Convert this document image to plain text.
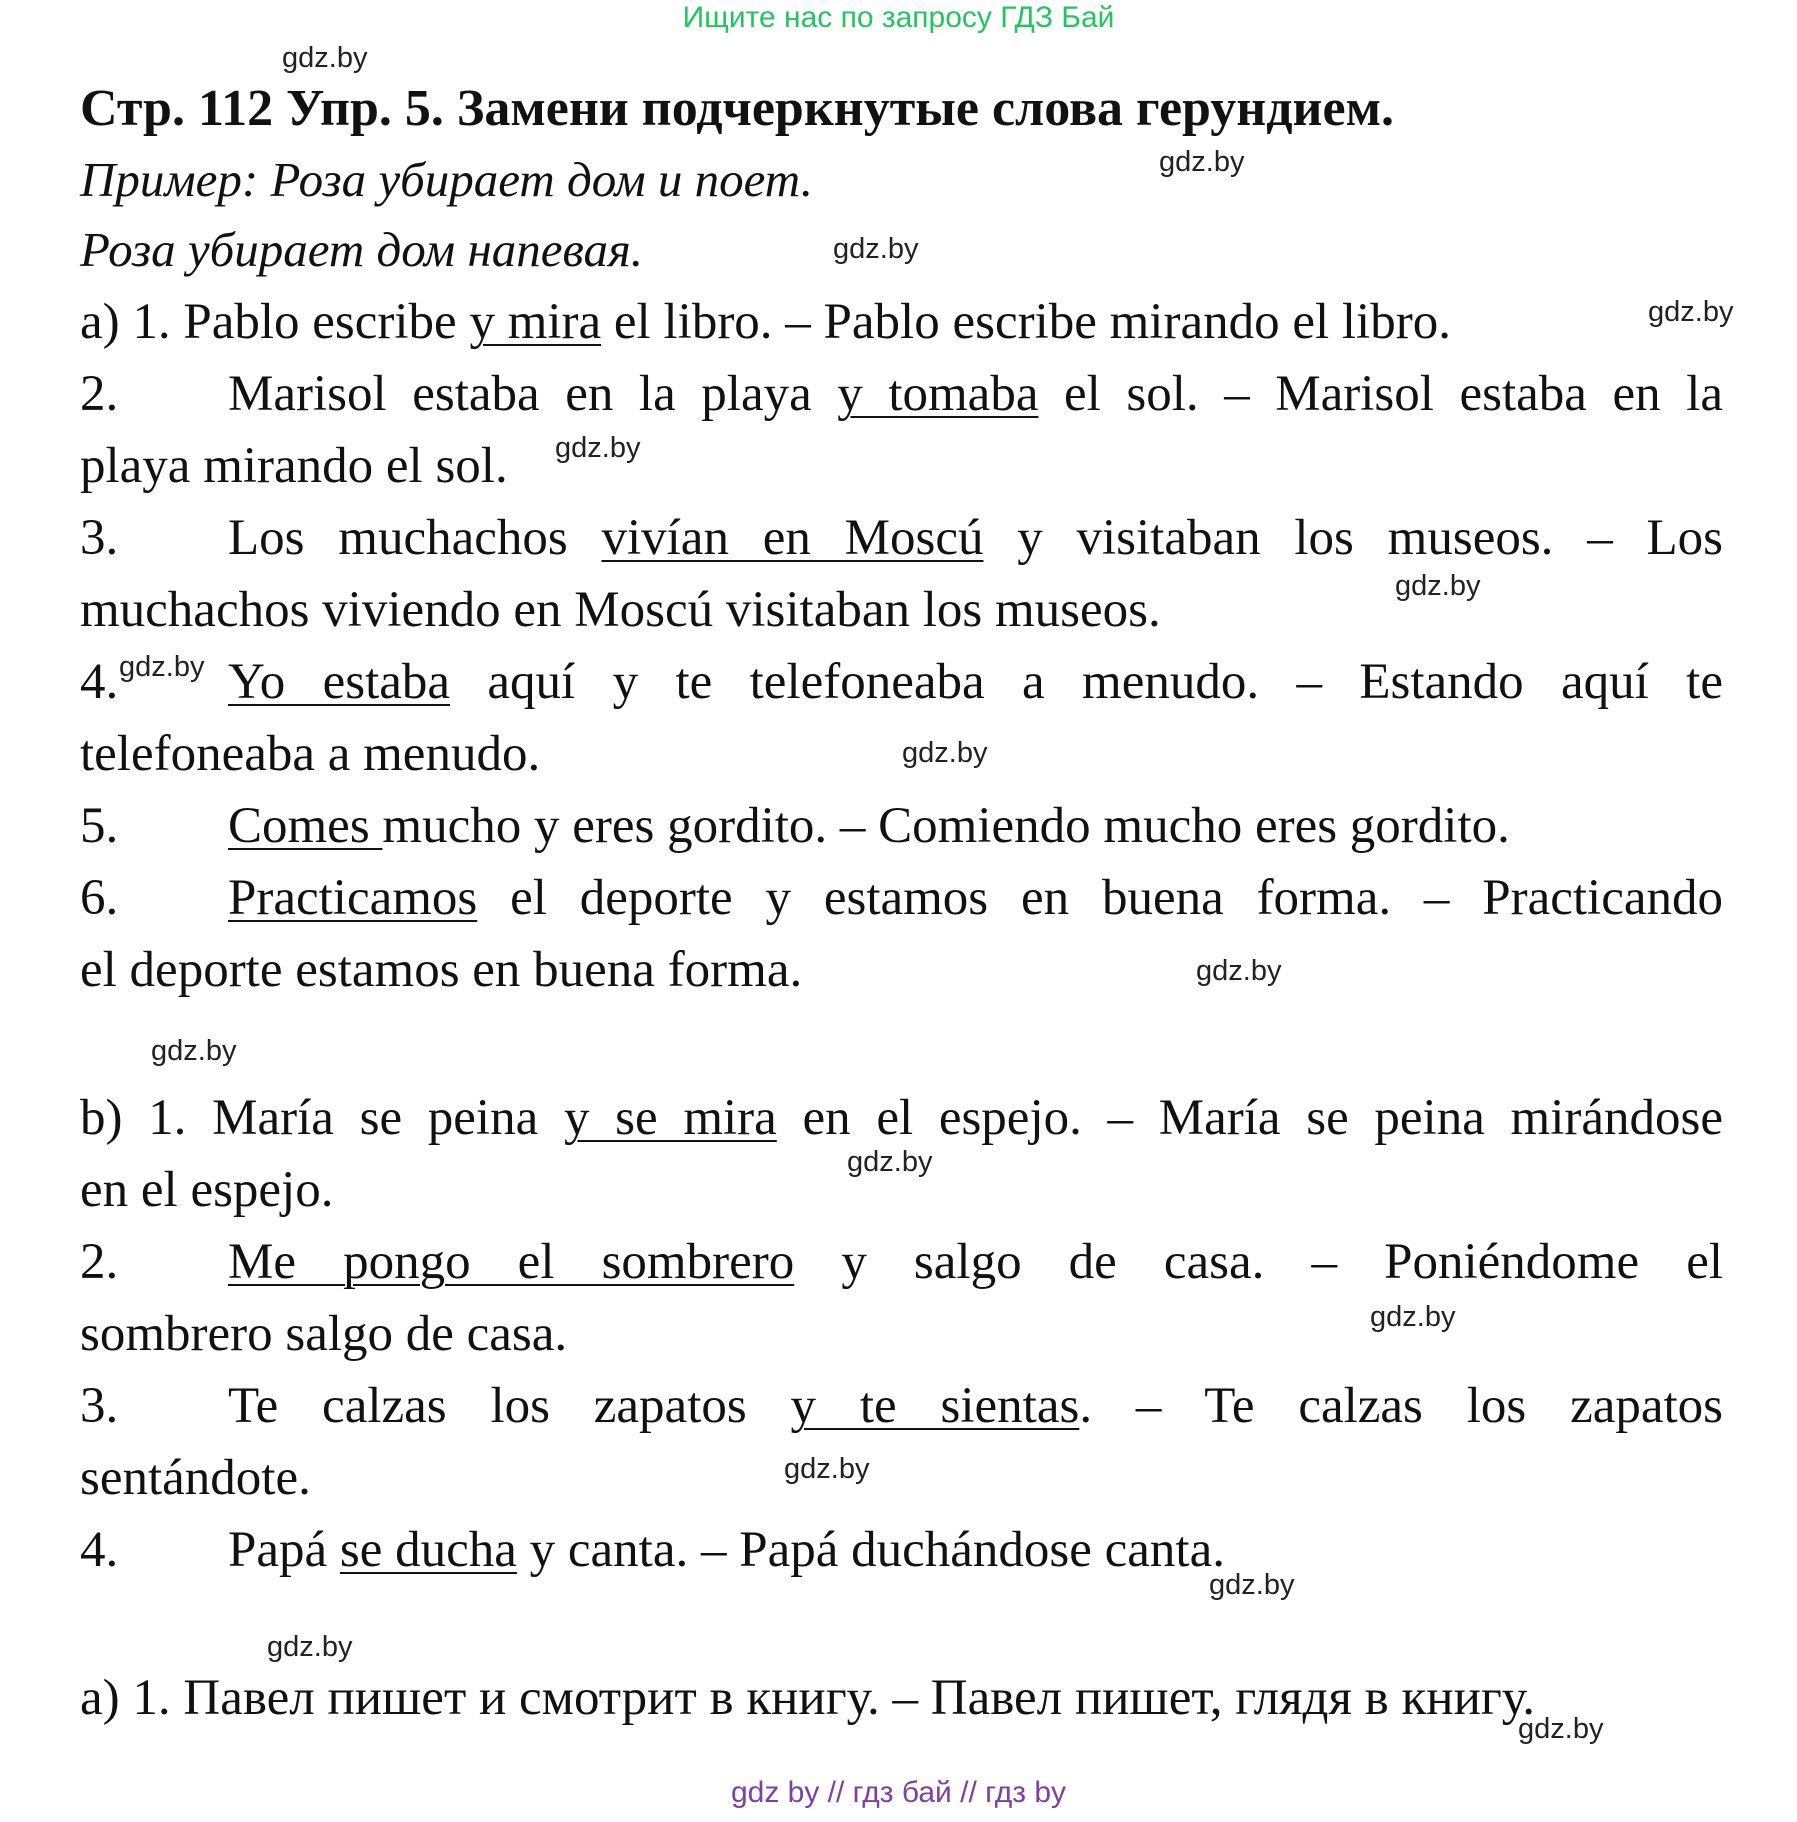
Ищите нас по запросу ГДЗ Бай
gdz.by
gdz.by
gdz.by
gdz.by
gdz.by
gdz.by
gdz.by
gdz.by
gdz.by
gdz.by
gdz.by
gdz.by
gdz.by
gdz.by
gdz.by
gdz.by
Стр. 112 Упр. 5. Замени подчеркнутые слова герундием.
Пример: Роза убирает дом и поет.
Роза убирает дом напевая.
a) 1. Pablo escribe y mira el libro. – Pablo escribe mirando el libro.
2. Marisol estaba en la playa y tomaba el sol. – Marisol estaba en la
playa mirando el sol.
3. Los muchachos vivían en Moscú y visitaban los museos. – Los
muchachos viviendo en Moscú visitaban los museos.
4. Yo estaba aquí y te telefoneaba a menudo. – Estando aquí te
telefoneaba a menudo.
5. Comes mucho y eres gordito. – Comiendo mucho eres gordito.
6. Practicamos el deporte y estamos en buena forma. – Practicando
el deporte estamos en buena forma.
b) 1. María se peina y se mira en el espejo. – María se peina mirándose
en el espejo.
2. Me pongo el sombrero y salgo de casa. – Poniéndome el
sombrero salgo de casa.
3. Te calzas los zapatos y te sientas. – Te calzas los zapatos
sentándote.
4. Papá se ducha y canta. – Papá duchándose canta.
а) 1. Павел пишет и смотрит в книгу. – Павел пишет, глядя в книгу.
gdz by // гдз бай // гдз by
